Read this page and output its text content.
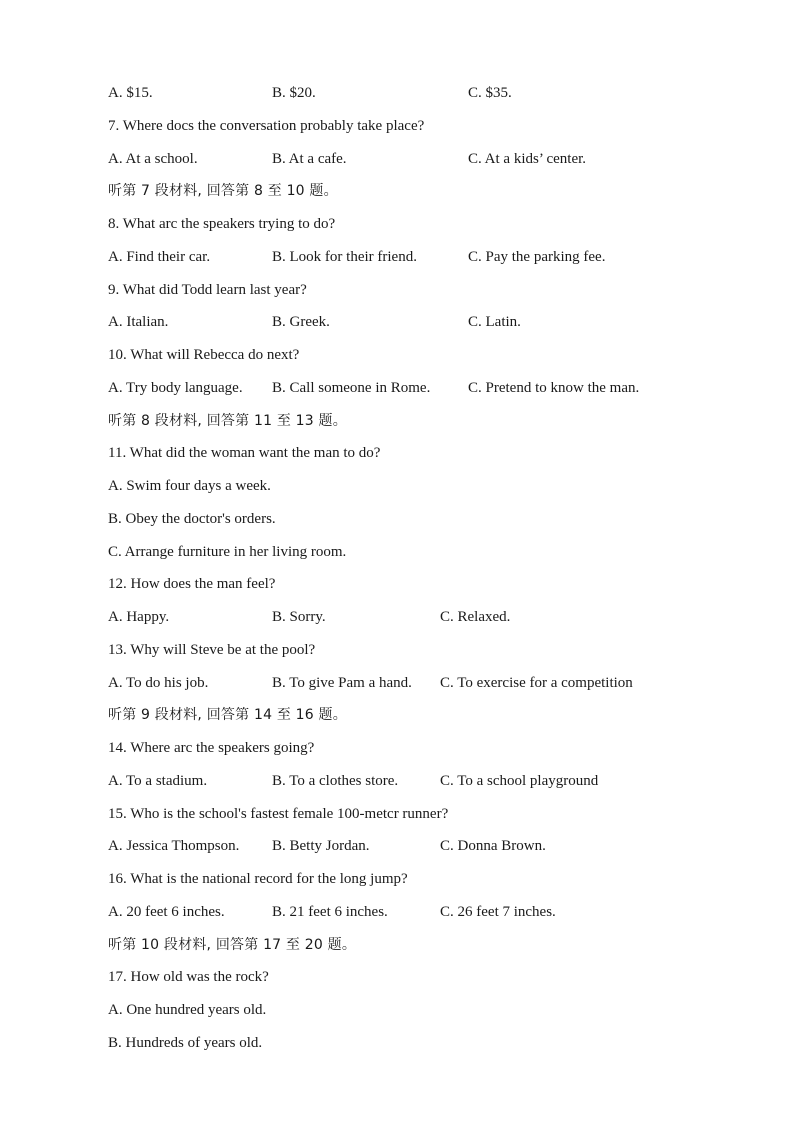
A. $15.	B. $20.	C. $35.
7. Where docs the conversation probably take place?
A. At a school.	B. At a cafe.	C. At a kids’ center.
听第 7 段材料, 回答第 8 至 10 题。
8. What arc the speakers trying to do?
A. Find their car.	B. Look for their friend.	C. Pay the parking fee.
9. What did Todd learn last year?
A. Italian.	B. Greek.	C. Latin.
10. What will Rebecca do next?
A. Try body language. B. Call someone in Rome.	C. Pretend to know the man.
听第 8 段材料, 回答第 11 至 13 题。
11. What did the woman want the man to do?
A. Swim four days a week.
B. Obey the doctor's orders.
C. Arrange furniture in her living room.
12. How does the man feel?
A. Happy.	B. Sorry.	C. Relaxed.
13. Why will Steve be at the pool?
A. To do his job.	B. To give Pam a hand. C. To exercise for a competition
听第 9 段材料, 回答第 14 至 16 题。
14. Where arc the speakers going?
A. To a stadium.	B. To a clothes store.	C. To a school playground
15. Who is the school's fastest female 100-metcr runner?
A. Jessica Thompson. B. Betty Jordan.	C. Donna Brown.
16. What is the national record for the long jump?
A. 20 feet 6 inches.	B. 21 feet 6 inches.	C. 26 feet 7 inches.
听第 10 段材料, 回答第 17 至 20 题。
17. How old was the rock?
A. One hundred years old.
B. Hundreds of years old.
